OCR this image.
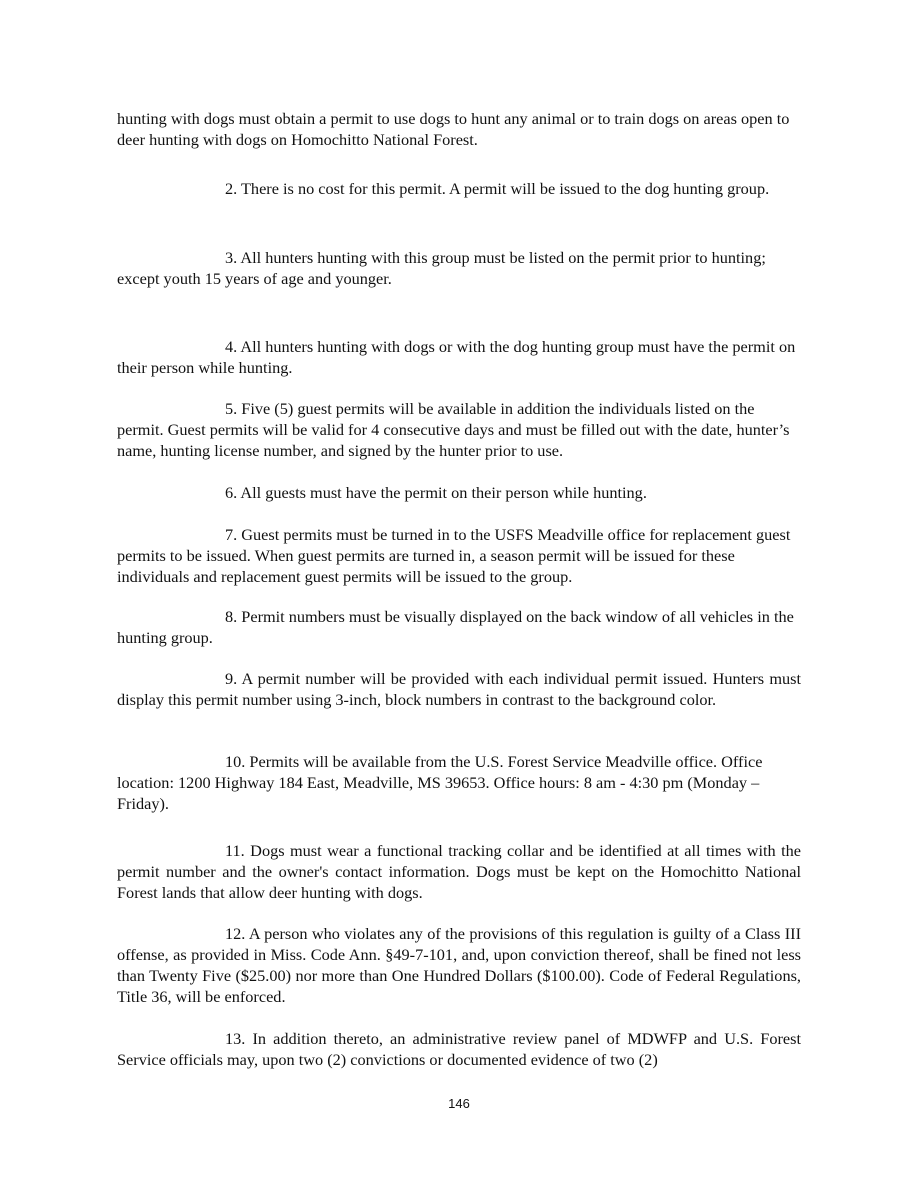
hunting with dogs must obtain a permit to use dogs to hunt any animal or to train dogs on areas open to deer hunting with dogs on Homochitto National Forest.

2. There is no cost for this permit. A permit will be issued to the dog hunting group.

3. All hunters hunting with this group must be listed on the permit prior to hunting; except youth 15 years of age and younger.

4. All hunters hunting with dogs or with the dog hunting group must have the permit on their person while hunting.

5. Five (5) guest permits will be available in addition the individuals listed on the permit. Guest permits will be valid for 4 consecutive days and must be filled out with the date, hunter’s name, hunting license number, and signed by the hunter prior to use.

6. All guests must have the permit on their person while hunting.

7. Guest permits must be turned in to the USFS Meadville office for replacement guest permits to be issued. When guest permits are turned in, a season permit will be issued for these individuals and replacement guest permits will be issued to the group.

8. Permit numbers must be visually displayed on the back window of all vehicles in the hunting group.

9. A permit number will be provided with each individual permit issued. Hunters must display this permit number using 3-inch, block numbers in contrast to the background color.

10. Permits will be available from the U.S. Forest Service Meadville office. Office location: 1200 Highway 184 East, Meadville, MS 39653. Office hours: 8 am - 4:30 pm (Monday – Friday).

11. Dogs must wear a functional tracking collar and be identified at all times with the permit number and the owner's contact information. Dogs must be kept on the Homochitto National Forest lands that allow deer hunting with dogs.

12. A person who violates any of the provisions of this regulation is guilty of a Class III offense, as provided in Miss. Code Ann. §49-7-101, and, upon conviction thereof, shall be fined not less than Twenty Five ($25.00) nor more than One Hundred Dollars ($100.00). Code of Federal Regulations, Title 36, will be enforced.

13. In addition thereto, an administrative review panel of MDWFP and U.S. Forest Service officials may, upon two (2) convictions or documented evidence of two (2)

146
